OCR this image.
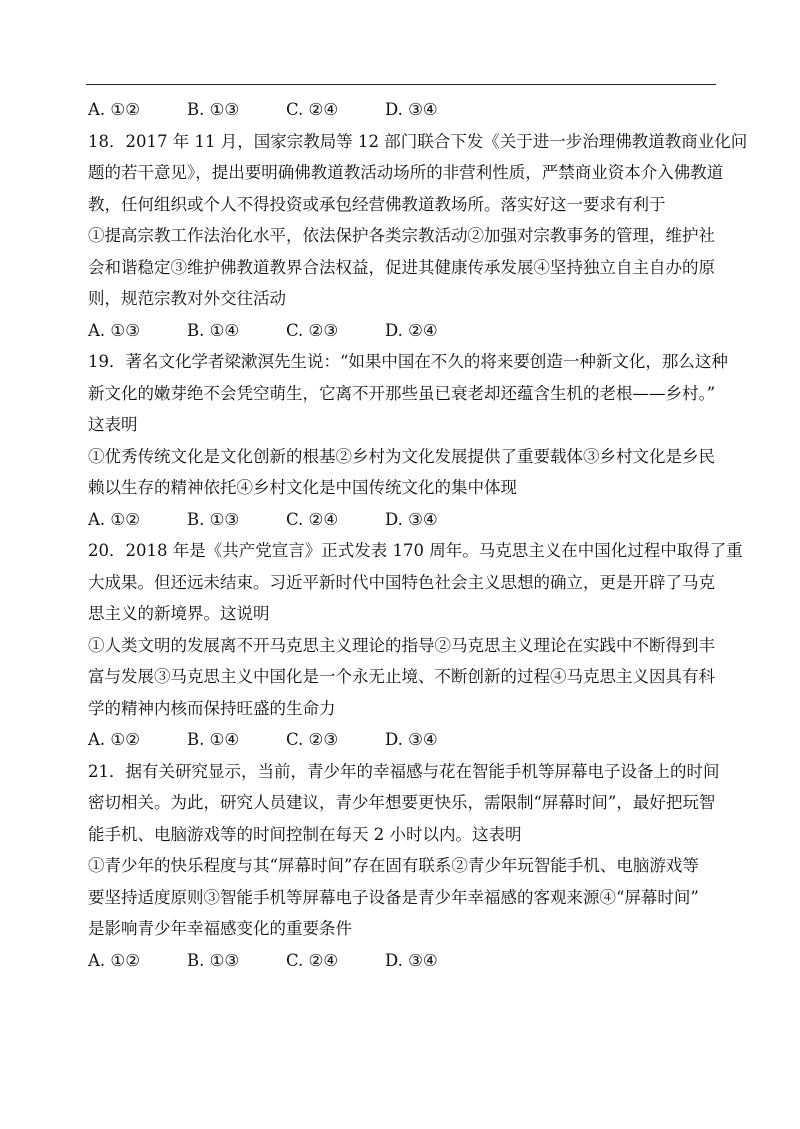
A. ①②	B. ①③	C. ②④	D. ③④
18．2017 年 11 月，国家宗教局等 12 部门联合下发《关于进一步治理佛教道教商业化问
题的若干意见》，提出要明确佛教道教活动场所的非营利性质，严禁商业资本介入佛教道
教，任何组织或个人不得投资或承包经营佛教道教场所。落实好这一要求有利于
①提高宗教工作法治化水平，依法保护各类宗教活动②加强对宗教事务的管理，维护社
会和谐稳定③维护佛教道教界合法权益，促进其健康传承发展④坚持独立自主自办的原
则，规范宗教对外交往活动
A. ①③	B. ①④	C. ②③	D. ②④
19．著名文化学者梁漱溟先生说：“如果中国在不久的将来要创造一种新文化，那么这种
新文化的嫩芽绝不会凭空萌生，它离不开那些虽已衰老却还蕴含生机的老根——乡村。”
这表明
①优秀传统文化是文化创新的根基②乡村为文化发展提供了重要载体③乡村文化是乡民
赖以生存的精神依托④乡村文化是中国传统文化的集中体现
A. ①②	B. ①③	C. ②④	D. ③④
20．2018 年是《共产党宣言》正式发表 170 周年。马克思主义在中国化过程中取得了重
大成果。但还远未结束。习近平新时代中国特色社会主义思想的确立，更是开辟了马克
思主义的新境界。这说明
①人类文明的发展离不开马克思主义理论的指导②马克思主义理论在实践中不断得到丰
富与发展③马克思主义中国化是一个永无止境、不断创新的过程④马克思主义因具有科
学的精神内核而保持旺盛的生命力
A. ①②	B. ①④	C. ②③	D. ③④
21．据有关研究显示，当前，青少年的幸福感与花在智能手机等屏幕电子设备上的时间
密切相关。为此，研究人员建议，青少年想要更快乐，需限制“屏幕时间”，最好把玩智
能手机、电脑游戏等的时间控制在每天 2 小时以内。这表明
①青少年的快乐程度与其“屏幕时间”存在固有联系②青少年玩智能手机、电脑游戏等
要坚持适度原则③智能手机等屏幕电子设备是青少年幸福感的客观来源④“屏幕时间”
是影响青少年幸福感变化的重要条件
A. ①②	B. ①③	C. ②④	D. ③④
